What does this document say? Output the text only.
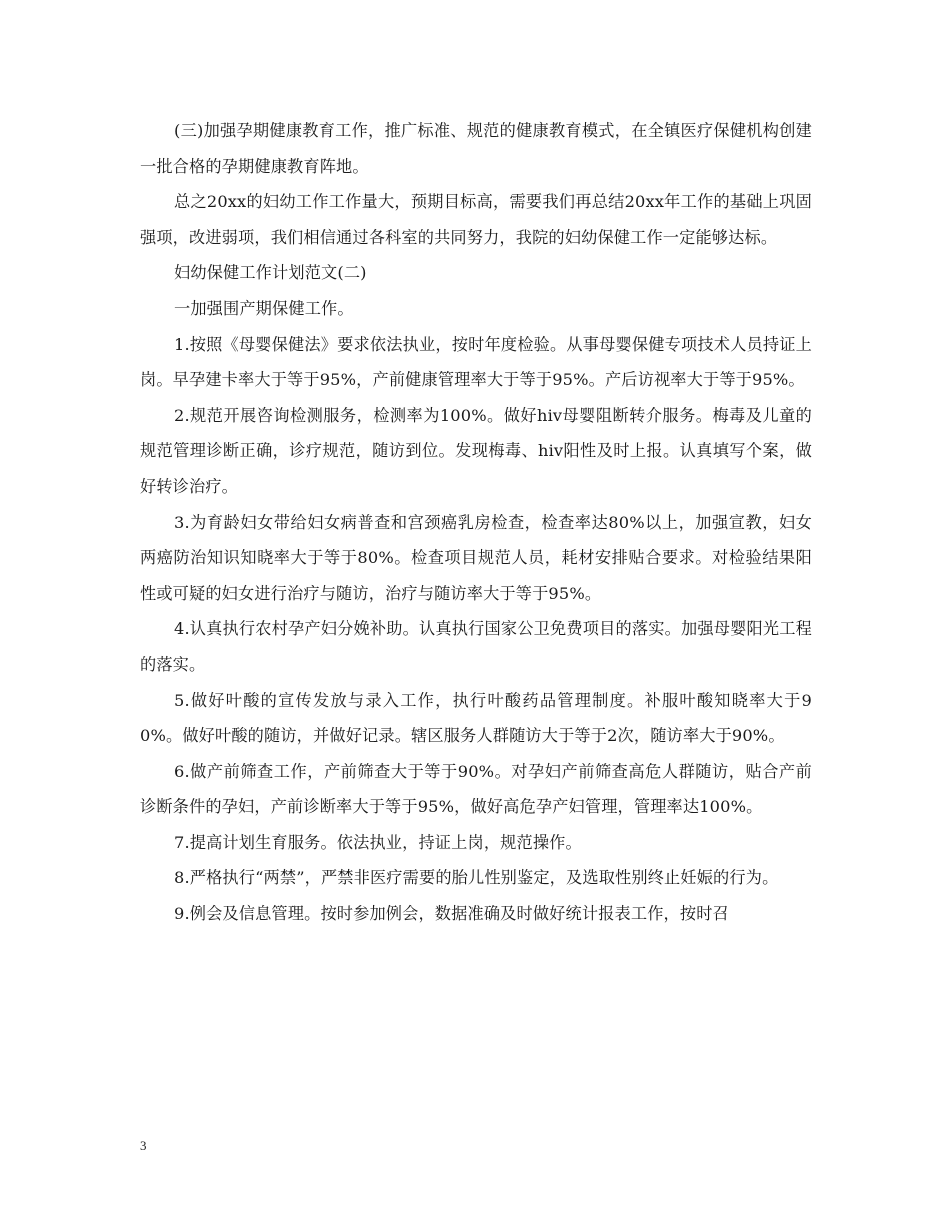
(三)加强孕期健康教育工作，推广标准、规范的健康教育模式，在全镇医疗保健机构创建一批合格的孕期健康教育阵地。

总之20xx的妇幼工作工作量大，预期目标高，需要我们再总结20xx年工作的基础上巩固强项，改进弱项，我们相信通过各科室的共同努力，我院的妇幼保健工作一定能够达标。

妇幼保健工作计划范文(二)

一加强围产期保健工作。

1.按照《母婴保健法》要求依法执业，按时年度检验。从事母婴保健专项技术人员持证上岗。早孕建卡率大于等于95%，产前健康管理率大于等于95%。产后访视率大于等于95%。

2.规范开展咨询检测服务，检测率为100%。做好hiv母婴阻断转介服务。梅毒及儿童的规范管理诊断正确，诊疗规范，随访到位。发现梅毒、hiv阳性及时上报。认真填写个案，做好转诊治疗。

3.为育龄妇女带给妇女病普查和宫颈癌乳房检查，检查率达80%以上，加强宣教，妇女两癌防治知识知晓率大于等于80%。检查项目规范人员，耗材安排贴合要求。对检验结果阳性或可疑的妇女进行治疗与随访，治疗与随访率大于等于95%。

4.认真执行农村孕产妇分娩补助。认真执行国家公卫免费项目的落实。加强母婴阳光工程的落实。

5.做好叶酸的宣传发放与录入工作，执行叶酸药品管理制度。补服叶酸知晓率大于90%。做好叶酸的随访，并做好记录。辖区服务人群随访大于等于2次，随访率大于90%。

6.做产前筛查工作，产前筛查大于等于90%。对孕妇产前筛查高危人群随访，贴合产前诊断条件的孕妇，产前诊断率大于等于95%，做好高危孕产妇管理，管理率达100%。

7.提高计划生育服务。依法执业，持证上岗，规范操作。

8.严格执行“两禁”，严禁非医疗需要的胎儿性别鉴定，及选取性别终止妊娠的行为。

9.例会及信息管理。按时参加例会，数据准确及时做好统计报表工作，按时召

3
